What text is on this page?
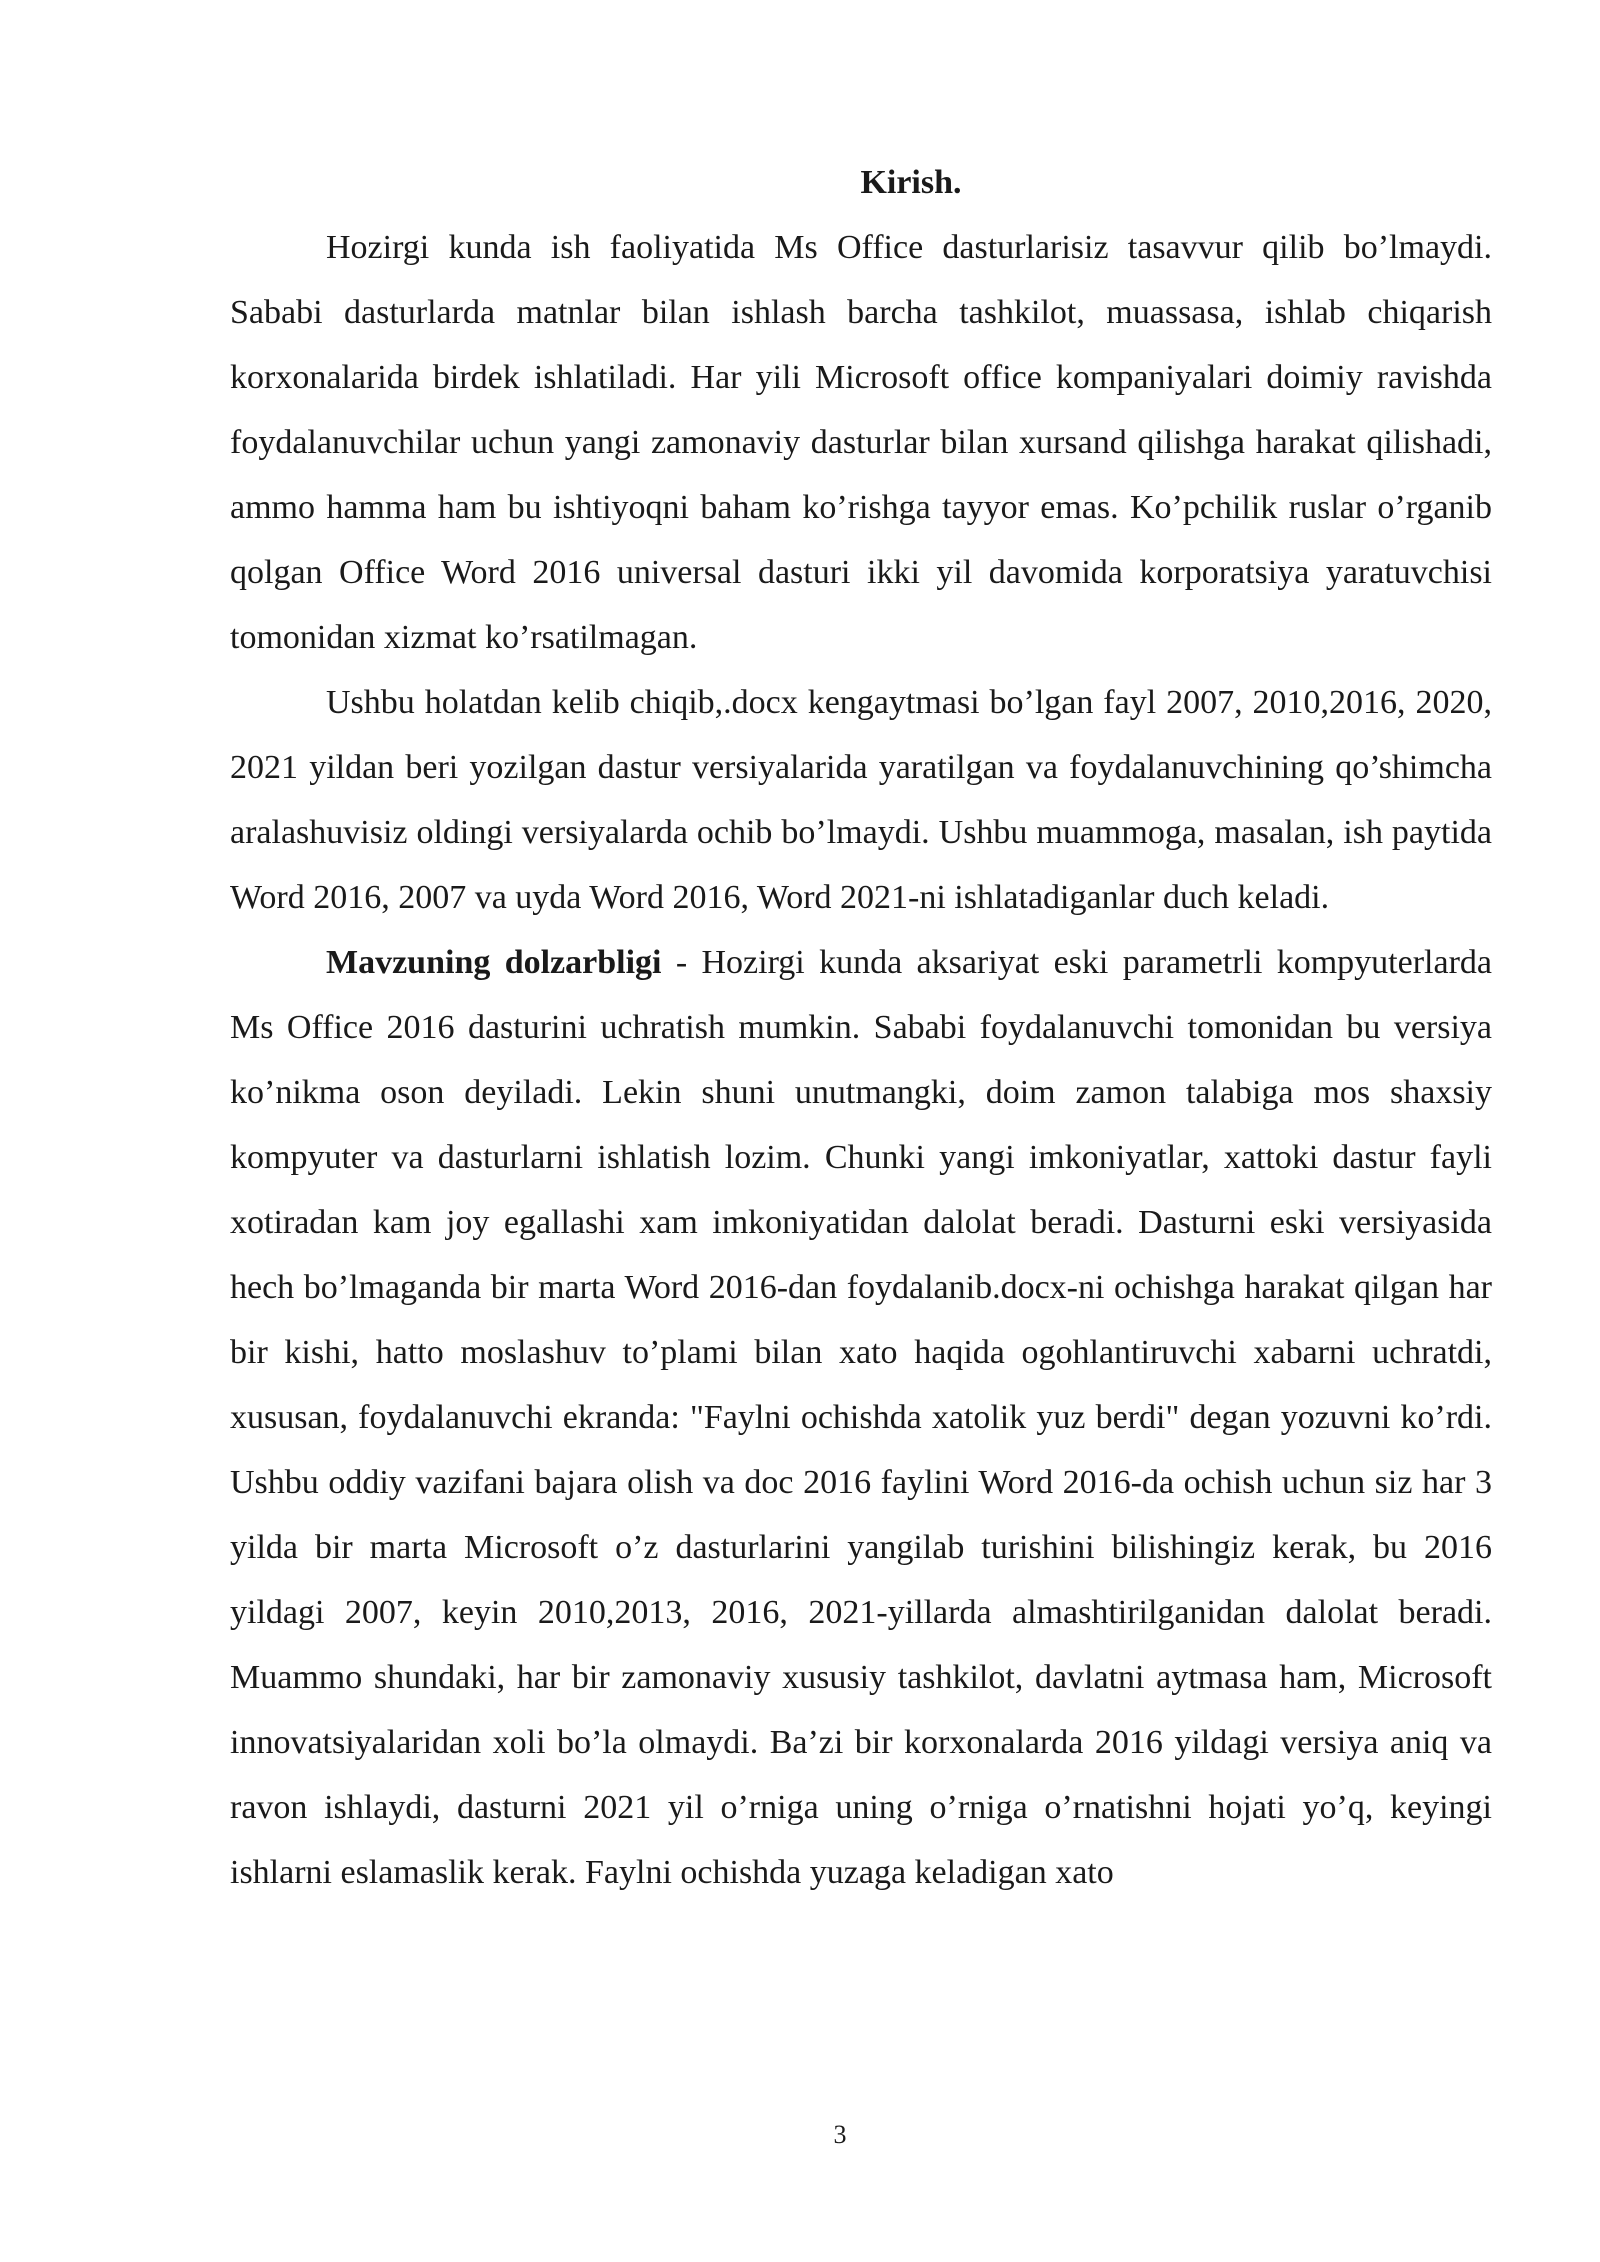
Kirish.

Hozirgi kunda ish faoliyatida Ms Office dasturlarisiz tasavvur qilib bo’lmaydi. Sababi dasturlarda matnlar bilan ishlash barcha tashkilot, muassasa, ishlab chiqarish korxonalarida birdek ishlatiladi. Har yili Microsoft office kompaniyalari doimiy ravishda foydalanuvchilar uchun yangi zamonaviy dasturlar bilan xursand qilishga harakat qilishadi, ammo hamma ham bu ishtiyoqni baham ko’rishga tayyor emas. Ko’pchilik ruslar o’rganib qolgan Office Word 2016 universal dasturi ikki yil davomida korporatsiya yaratuvchisi tomonidan xizmat ko’rsatilmagan.

Ushbu holatdan kelib chiqib,.docx kengaytmasi bo’lgan fayl 2007, 2010,2016, 2020, 2021 yildan beri yozilgan dastur versiyalarida yaratilgan va foydalanuvchining qo’shimcha aralashuvisiz oldingi versiyalarda ochib bo’lmaydi. Ushbu muammoga, masalan, ish paytida Word 2016, 2007 va uyda Word 2016, Word 2021-ni ishlatadiganlar duch keladi.

Mavzuning dolzarbligi - Hozirgi kunda aksariyat eski parametrli kompyuterlarda Ms Office 2016 dasturini uchratish mumkin. Sababi foydalanuvchi tomonidan bu versiya ko’nikma oson deyiladi. Lekin shuni unutmangki, doim zamon talabiga mos shaxsiy kompyuter va dasturlarni ishlatish lozim. Chunki yangi imkoniyatlar, xattoki dastur fayli xotiradan kam joy egallashi xam imkoniyatidan dalolat beradi. Dasturni eski versiyasida hech bo’lmaganda bir marta Word 2016-dan foydalanib.docx-ni ochishga harakat qilgan har bir kishi, hatto moslashuv to’plami bilan xato haqida ogohlantiruvchi xabarni uchratdi, xususan, foydalanuvchi ekranda: "Faylni ochishda xatolik yuz berdi" degan yozuvni ko’rdi. Ushbu oddiy vazifani bajara olish va doc 2016 faylini Word 2016-da ochish uchun siz har 3 yilda bir marta Microsoft o’z dasturlarini yangilab turishini bilishingiz kerak, bu 2016 yildagi 2007, keyin 2010,2013, 2016, 2021-yillarda almashtirilganidan dalolat beradi. Muammo shundaki, har bir zamonaviy xususiy tashkilot, davlatni aytmasa ham, Microsoft innovatsiyalaridan xoli bo’la olmaydi. Ba’zi bir korxonalarda 2016 yildagi versiya aniq va ravon ishlaydi, dasturni 2021 yil o’rniga uning o’rniga o’rnatishni hojati yo’q, keyingi ishlarni eslamaslik kerak. Faylni ochishda yuzaga keladigan xato

3
